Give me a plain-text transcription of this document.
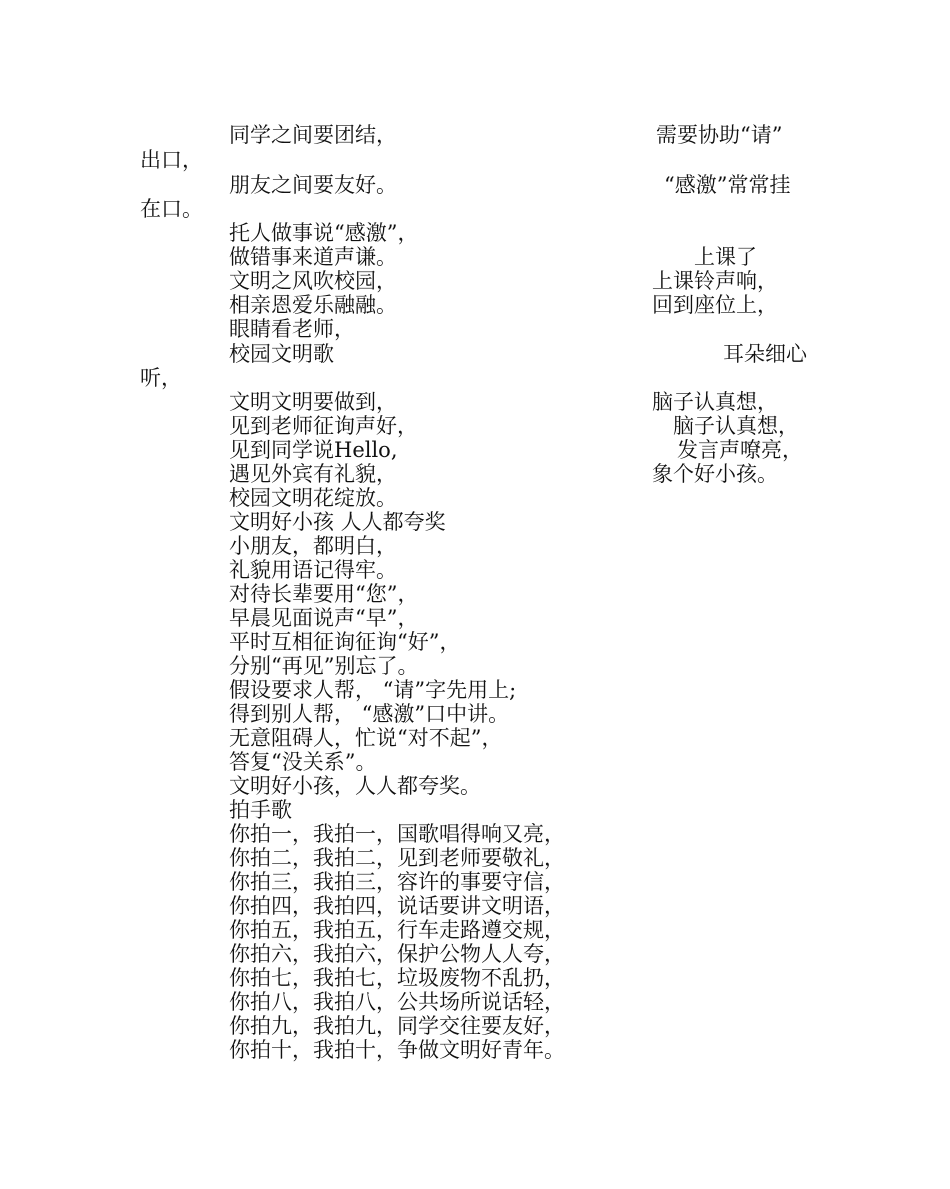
同学之间要团结，	需要协助“请”

出口，

朋友之间要友好。	“感激”常常挂

在口。

托人做事说“感激”，

做错事来道声谦。	上课了

文明之风吹校园，	上课铃声响，

相亲恩爱乐融融。	回到座位上，

眼睛看老师，

校园文明歌	耳朵细心

听，

文明文明要做到，	脑子认真想，

见到老师征询声好，	脑子认真想，

见到同学说Hello,	发言声嘹亮，

遇见外宾有礼貌，	象个好小孩。

校园文明花绽放。

文明好小孩 人人都夸奖

小朋友，都明白，

礼貌用语记得牢。

对待长辈要用“您”，

早晨见面说声“早”，

平时互相征询征询“好”，

分别“再见”别忘了。

假设要求人帮， “请”字先用上;

得到别人帮， “感激”口中讲。

无意阻碍人，忙说“对不起”，

答复“没关系”。

文明好小孩，人人都夸奖。

拍手歌

你拍一，我拍一，国歌唱得响又亮，

你拍二，我拍二，见到老师要敬礼，

你拍三，我拍三，容许的事要守信，

你拍四，我拍四，说话要讲文明语，

你拍五，我拍五，行车走路遵交规，

你拍六，我拍六，保护公物人人夸，

你拍七，我拍七，垃圾废物不乱扔，

你拍八，我拍八，公共场所说话轻，

你拍九，我拍九，同学交往要友好，

你拍十，我拍十，争做文明好青年。
